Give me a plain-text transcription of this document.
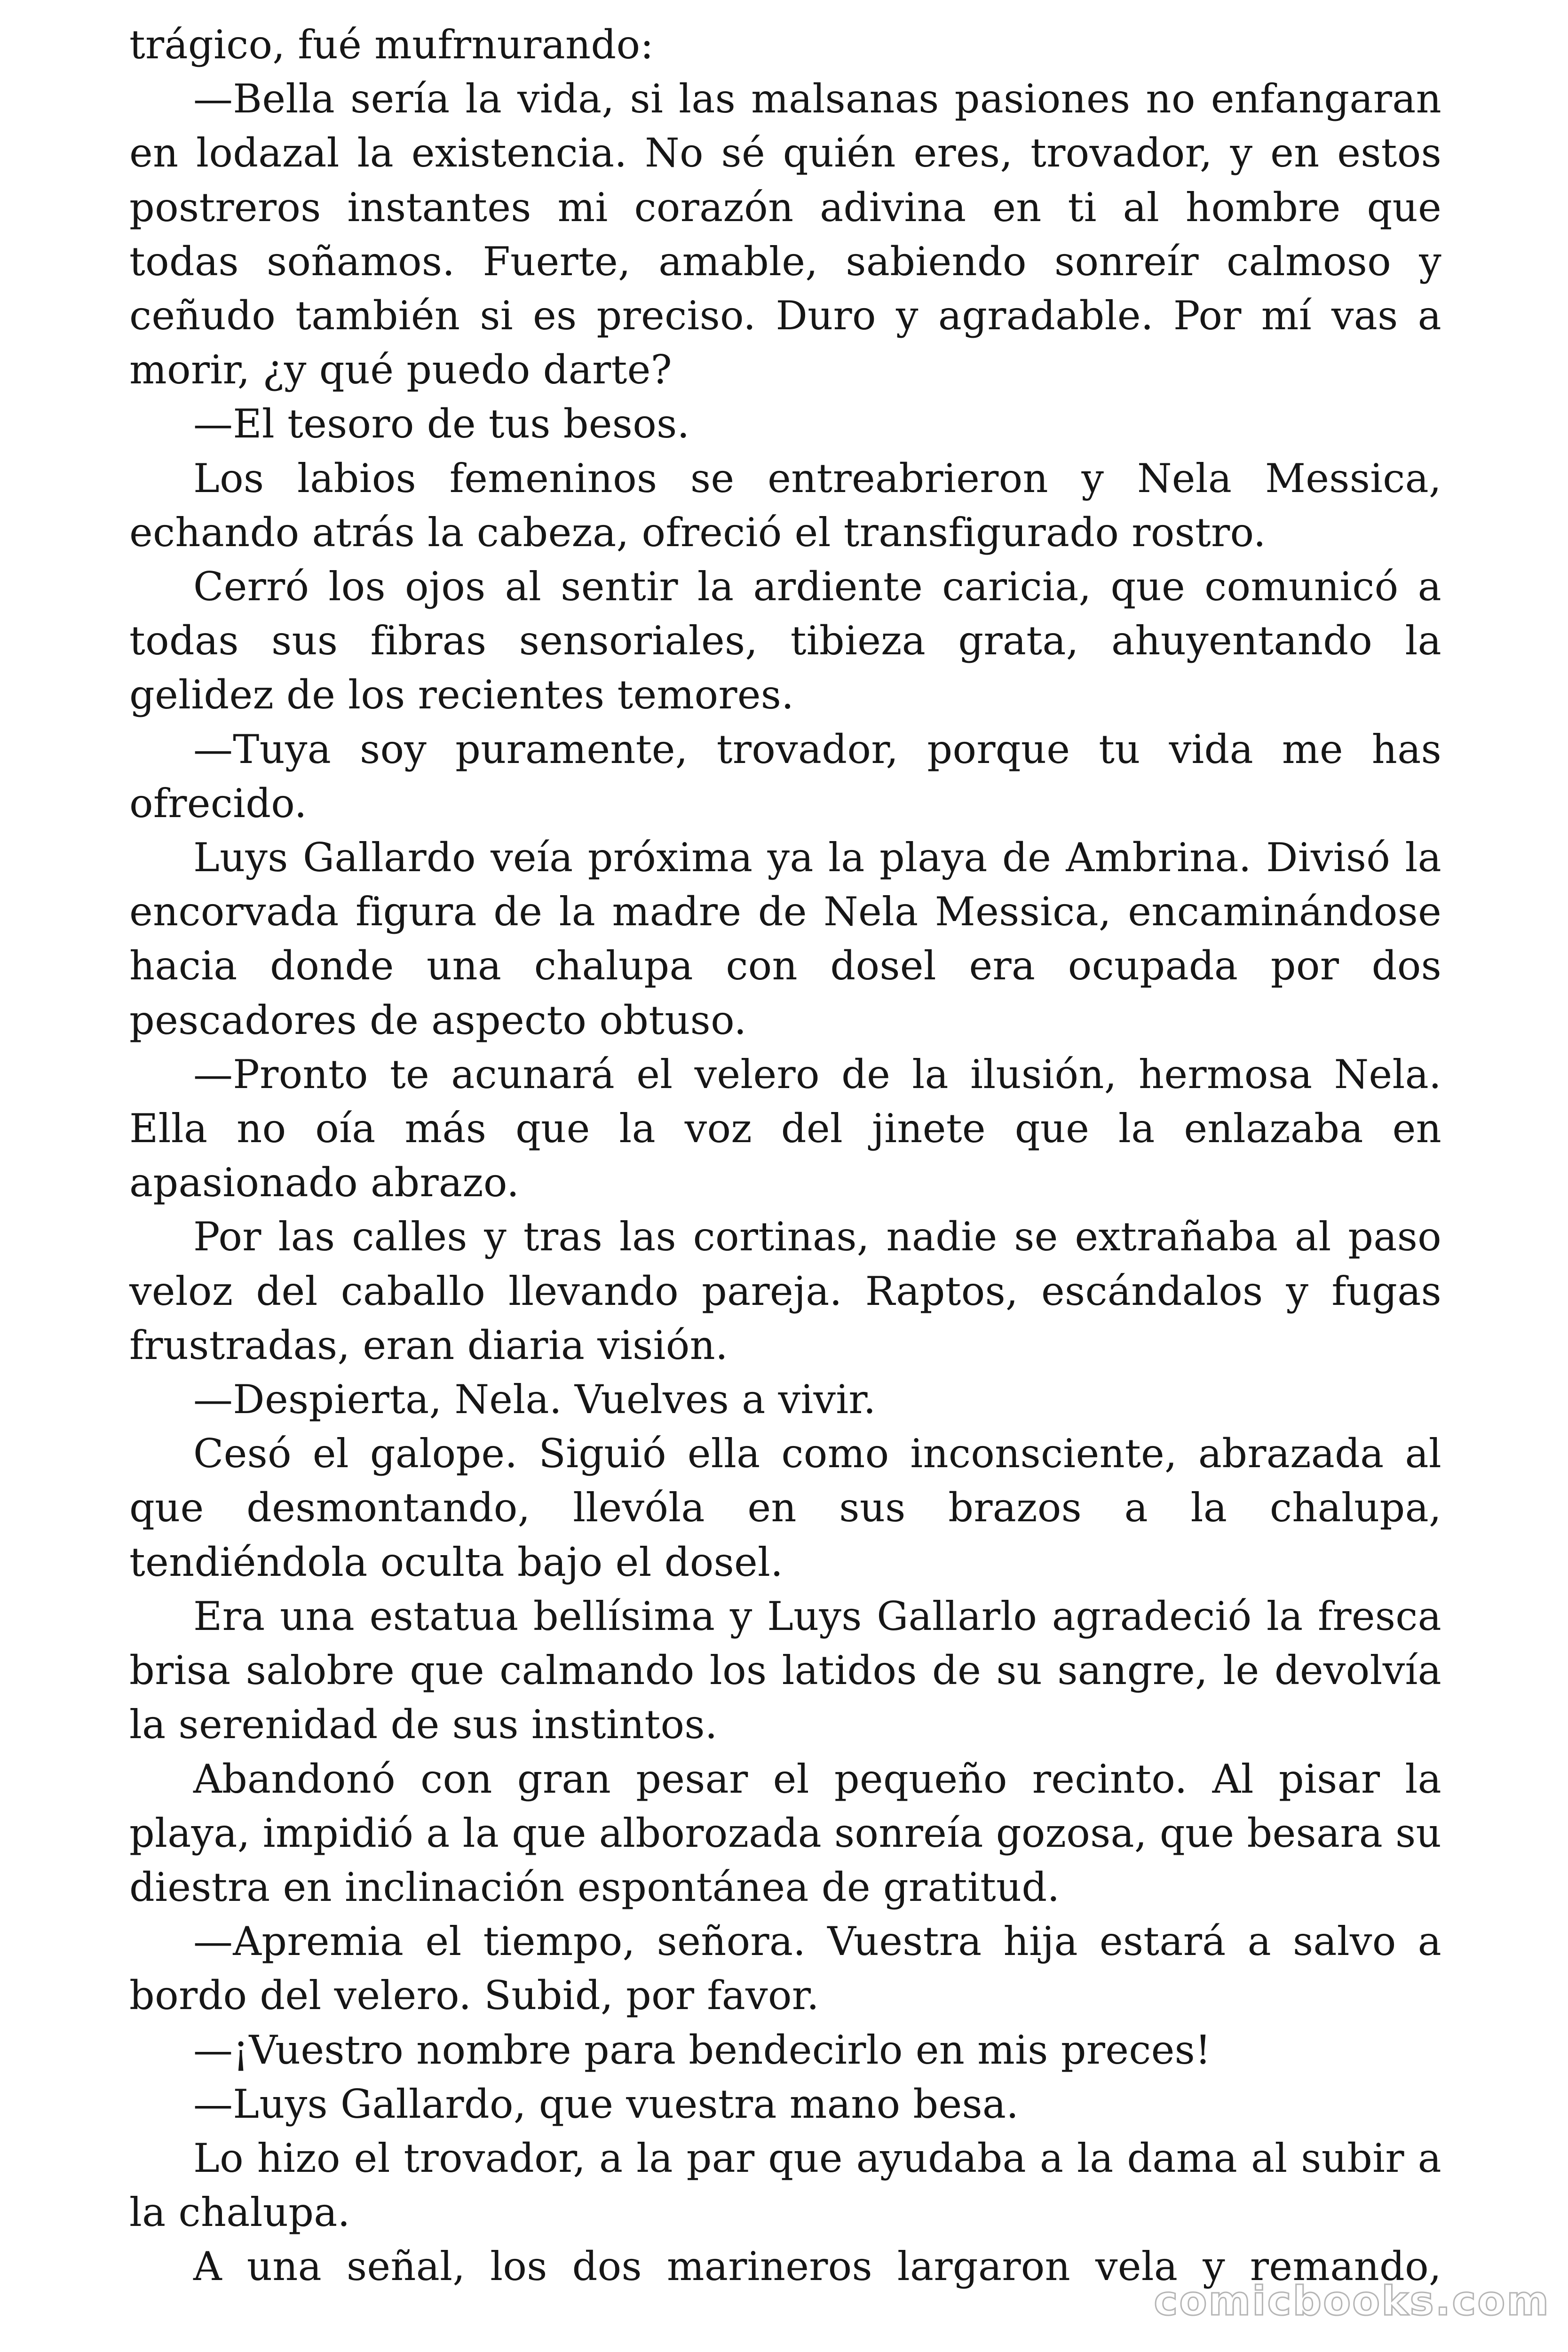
trágico, fué mufrnurando:

—Bella sería la vida, si las malsanas pasiones no enfangaran en lodazal la existencia. No sé quién eres, trovador, y en estos postreros instantes mi corazón adivina en ti al hombre que todas soñamos. Fuerte, amable, sabiendo sonreír calmoso y ceñudo también si es preciso. Duro y agradable. Por mí vas a morir, ¿y qué puedo darte?

—El tesoro de tus besos.

Los labios femeninos se entreabrieron y Nela Messica, echando atrás la cabeza, ofreció el transfigurado rostro.

Cerró los ojos al sentir la ardiente caricia, que comunicó a todas sus fibras sensoriales, tibieza grata, ahuyentando la gelidez de los recientes temores.

—Tuya soy puramente, trovador, porque tu vida me has ofrecido.

Luys Gallardo veía próxima ya la playa de Ambrina. Divisó la encorvada figura de la madre de Nela Messica, encaminándose hacia donde una chalupa con dosel era ocupada por dos pescadores de aspecto obtuso.

—Pronto te acunará el velero de la ilusión, hermosa Nela. Ella no oía más que la voz del jinete que la enlazaba en apasionado abrazo.

Por las calles y tras las cortinas, nadie se extrañaba al paso veloz del caballo llevando pareja. Raptos, escándalos y fugas frustradas, eran diaria visión.

—Despierta, Nela. Vuelves a vivir.

Cesó el galope. Siguió ella como inconsciente, abrazada al que desmontando, llevóla en sus brazos a la chalupa, tendiéndola oculta bajo el dosel.

Era una estatua bellísima y Luys Gallarlo agradeció la fresca brisa salobre que calmando los latidos de su sangre, le devolvía la serenidad de sus instintos.

Abandonó con gran pesar el pequeño recinto. Al pisar la playa, impidió a la que alborozada sonreía gozosa, que besara su diestra en inclinación espontánea de gratitud.

—Apremia el tiempo, señora. Vuestra hija estará a salvo a bordo del velero. Subid, por favor.

—¡Vuestro nombre para bendecirlo en mis preces!

—Luys Gallardo, que vuestra mano besa.

Lo hizo el trovador, a la par que ayudaba a la dama al subir a la chalupa.

A una señal, los dos marineros largaron vela y remando,

comicbooks.com
